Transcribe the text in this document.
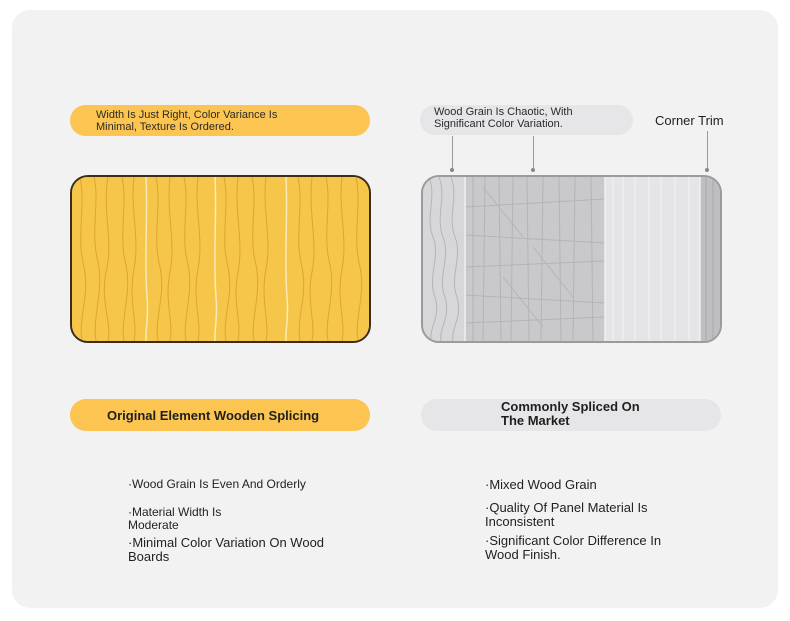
Width Is Just Right, Color Variance Is Minimal, Texture Is Ordered.
Original Element Wooden Splicing
·Wood Grain Is Even And Orderly
·Material Width Is Moderate
·Minimal Color Variation On Wood Boards
Wood Grain Is Chaotic, With Significant Color Variation.	Corner Trim
Commonly Spliced On The Market
·Mixed Wood Grain
·Quality Of Panel Material Is Inconsistent
·Significant Color Difference In Wood Finish.
